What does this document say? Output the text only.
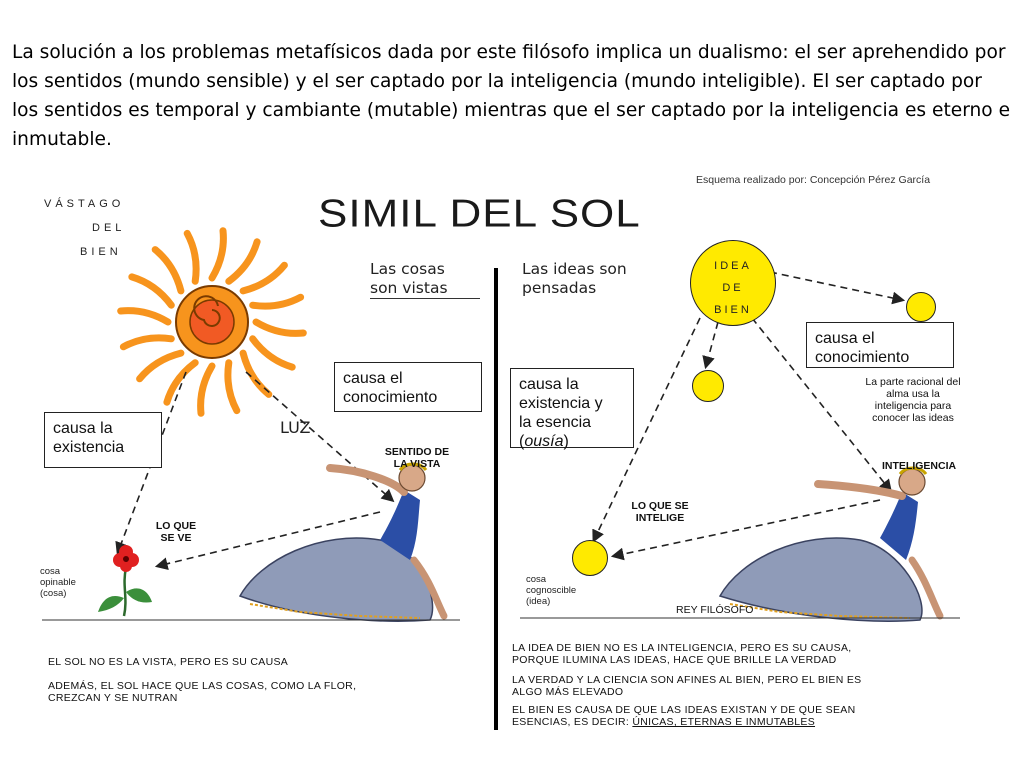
La solución a los problemas metafísicos dada por este filósofo implica un dualismo: el ser aprehendido por los sentidos (mundo sensible) y el ser captado por la inteligencia (mundo inteligible). El ser captado por los sentidos es temporal y cambiante (mutable) mientras que el ser captado por la inteligencia es eterno e inmutable.

Esquema realizado por: Concepción Pérez García
SIMIL DEL SOL
VÁSTAGO
DEL
BIEN
Las cosas
son vistas
causa el
conocimiento
causa la
existencia
LUZ
SENTIDO DE
LA VISTA
LO QUE
SE VE
cosa
opinable
(cosa)
EL SOL NO ES LA VISTA, PERO ES SU CAUSA
ADEMÁS, EL SOL HACE QUE LAS COSAS, COMO LA FLOR,
CREZCAN Y SE NUTRAN
Las ideas son
pensadas
IDEA
DE
BIEN
causa el
conocimiento
causa la
existencia y
la esencia
(ousía)
La parte racional del
alma usa la
inteligencia para
conocer las ideas
INTELIGENCIA
LO QUE SE
INTELIGE
cosa
cognoscible
(idea)
REY FILÓSOFO
LA IDEA DE BIEN NO ES LA INTELIGENCIA, PERO ES SU CAUSA,
PORQUE ILUMINA LAS IDEAS, HACE QUE BRILLE LA VERDAD
LA VERDAD Y LA CIENCIA SON AFINES AL BIEN, PERO EL BIEN ES
ALGO MÁS ELEVADO
EL BIEN ES CAUSA DE QUE LAS IDEAS EXISTAN Y DE QUE SEAN
ESENCIAS, ES DECIR: ÚNICAS, ETERNAS E INMUTABLES
